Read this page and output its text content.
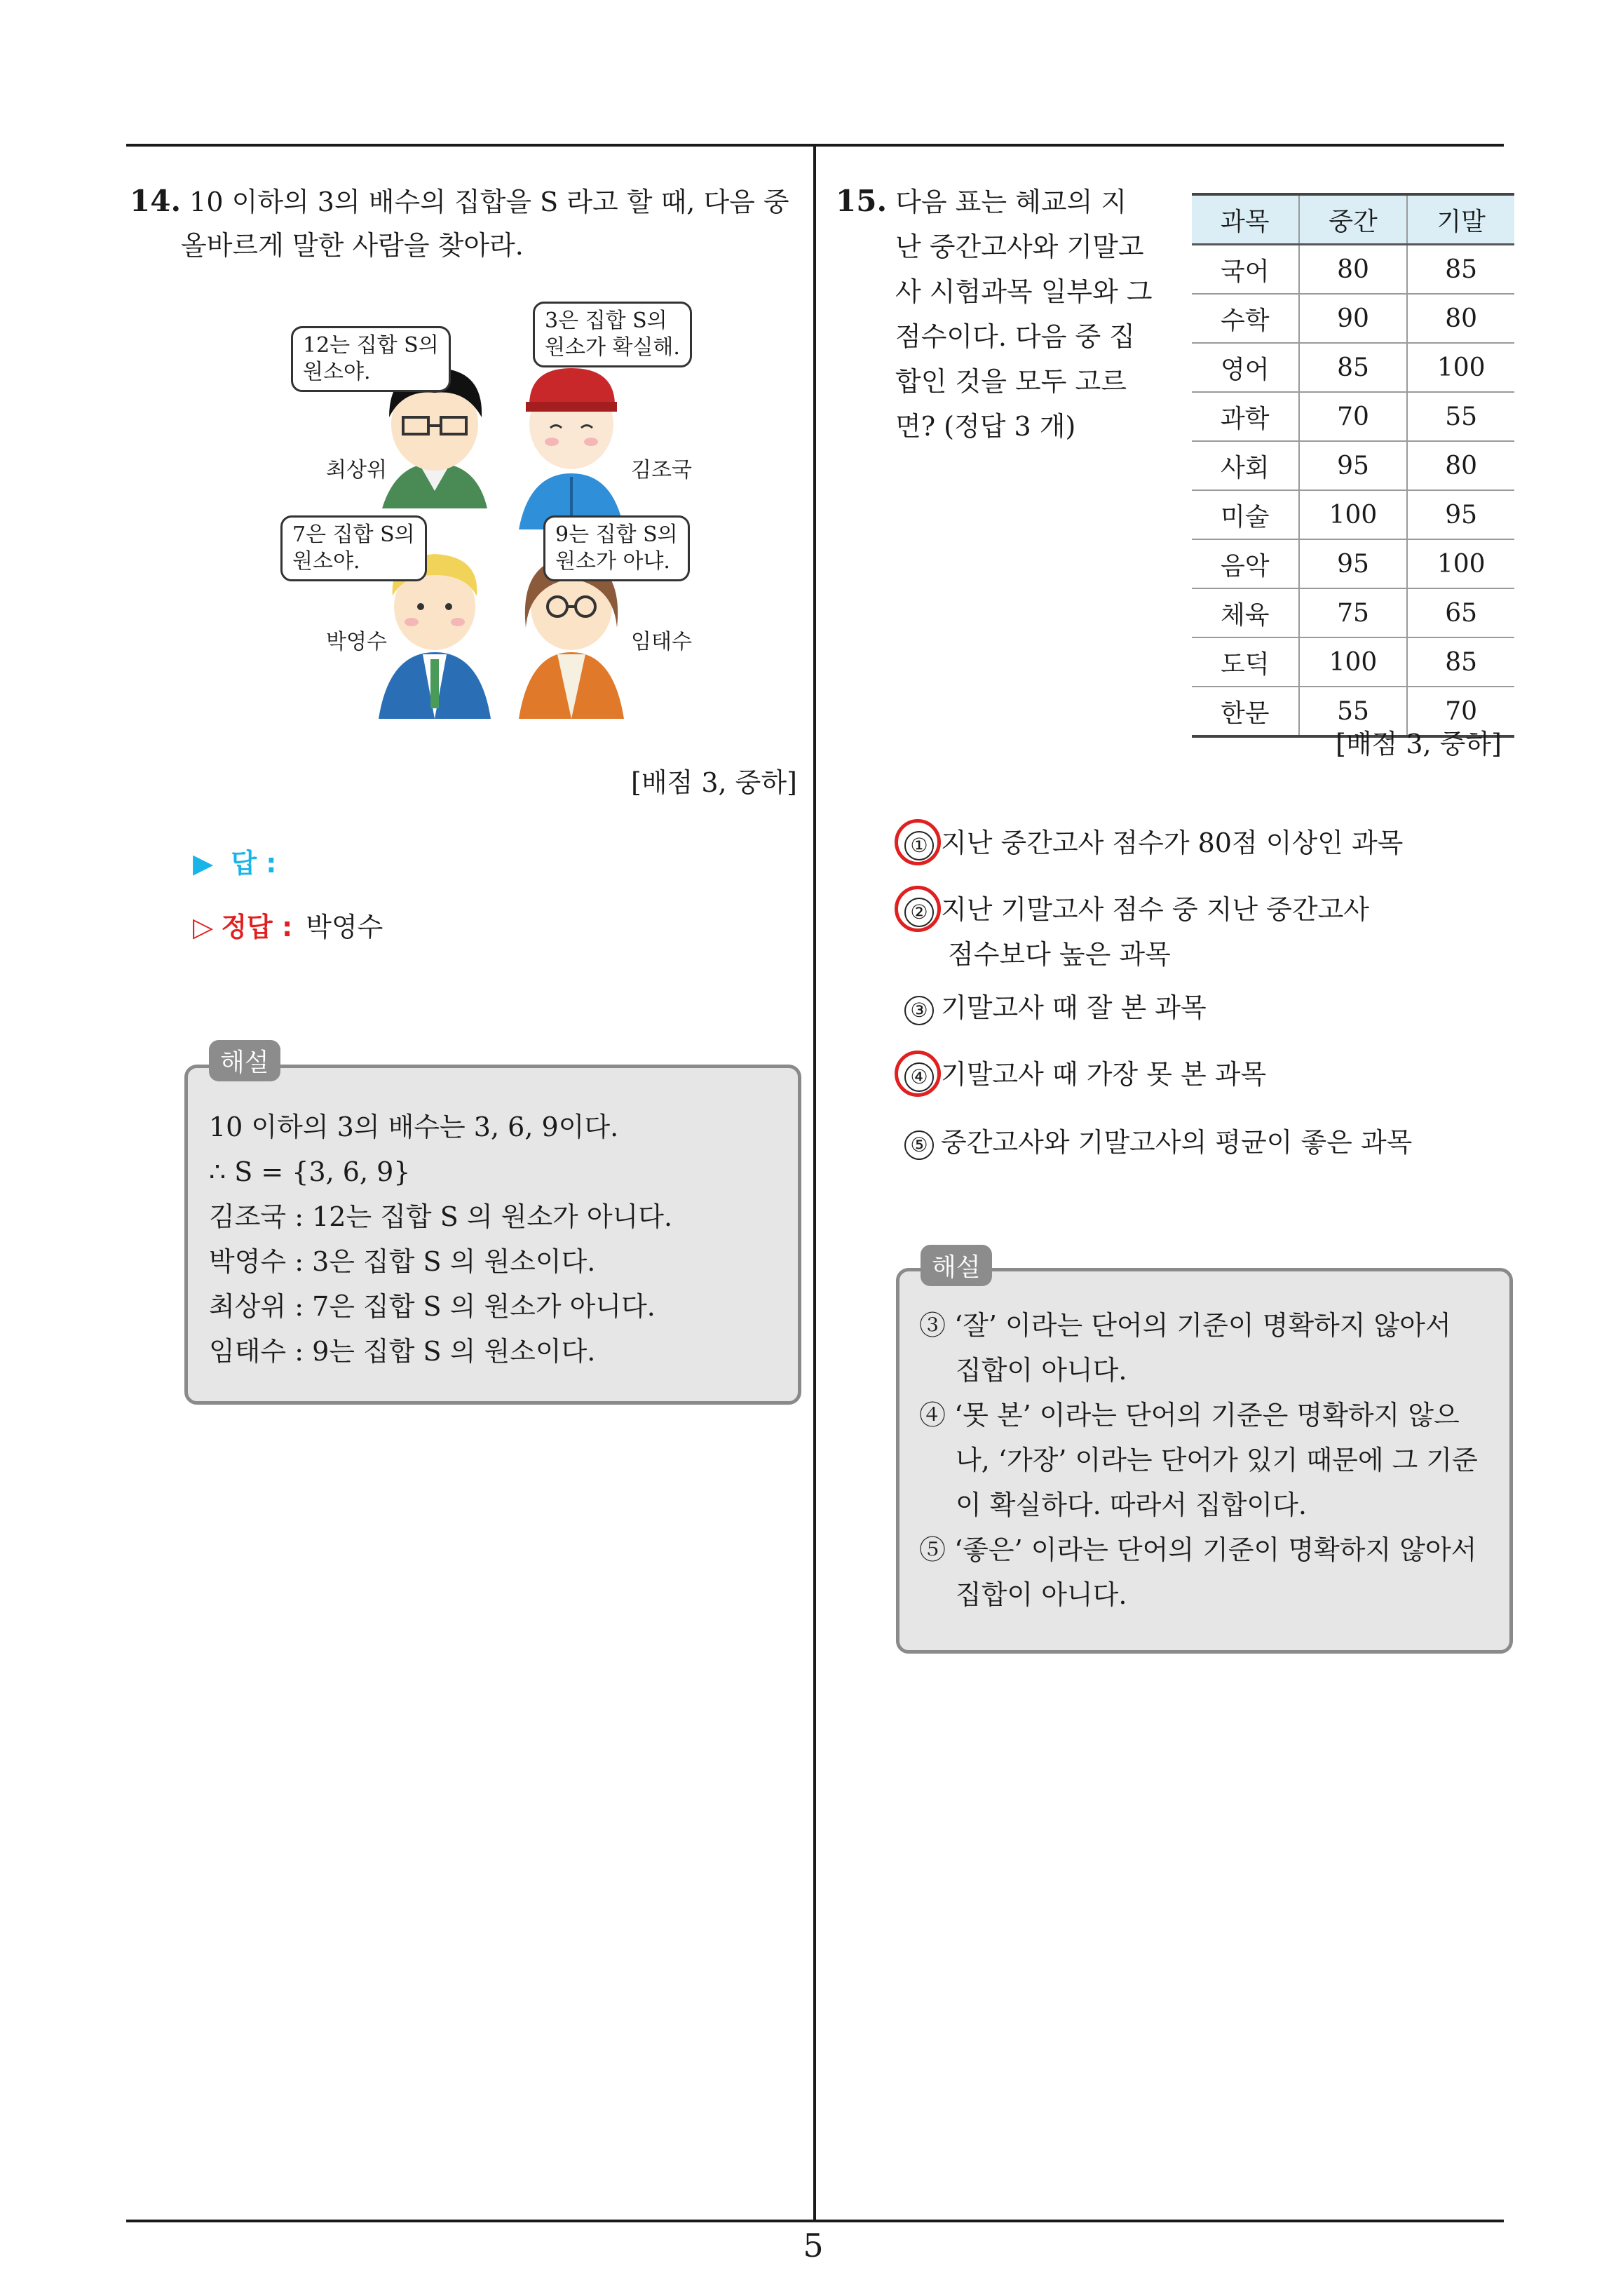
5
14. 10 이하의 3의 배수의 집합을 S 라고 할 때, 다음 중
올바르게 말한 사람을 찾아라.
12는 집합 S의
원소야.
3은 집합 S의
원소가 확실해.
7은 집합 S의
원소야.
9는 집합 S의
원소가 아냐.
최상위	김조국
박영수	임태수
[배점 3, 중하]
▶ 답 :
▷ 정답 : 박영수
10 이하의 3의 배수는 3, 6, 9이다.
∴ S = {3, 6, 9}
김조국 : 12는 집합 S 의 원소가 아니다.
박영수 : 3은 집합 S 의 원소이다.
최상위 : 7은 집합 S 의 원소가 아니다.
임태수 : 9는 집합 S 의 원소이다.
해설
15. 다음 표는 혜교의 지
난 중간고사와 기말고
사 시험과목 일부와 그
점수이다. 다음 중 집
합인 것을 모두 고르
면? (정답 3 개)
과목	중간	기말
국어	80	85
수학	90	80
영어	85	100
과학	70	55
사회	95	80
미술	100	95
음악	95	100
체육	75	65
도덕	100	85
한문	55	70
[배점 3, 중하]
① 지난 중간고사 점수가 80점 이상인 과목
② 지난 기말고사 점수 중 지난 중간고사
점수보다 높은 과목
③ 기말고사 때 잘 본 과목
④ 기말고사 때 가장 못 본 과목
⑤ 중간고사와 기말고사의 평균이 좋은 과목
③ ‘잘’ 이라는 단어의 기준이 명확하지 않아서
집합이 아니다.
④ ‘못 본’ 이라는 단어의 기준은 명확하지 않으
나, ‘가장’ 이라는 단어가 있기 때문에 그 기준
이 확실하다. 따라서 집합이다.
⑤ ‘좋은’ 이라는 단어의 기준이 명확하지 않아서
집합이 아니다.
해설
